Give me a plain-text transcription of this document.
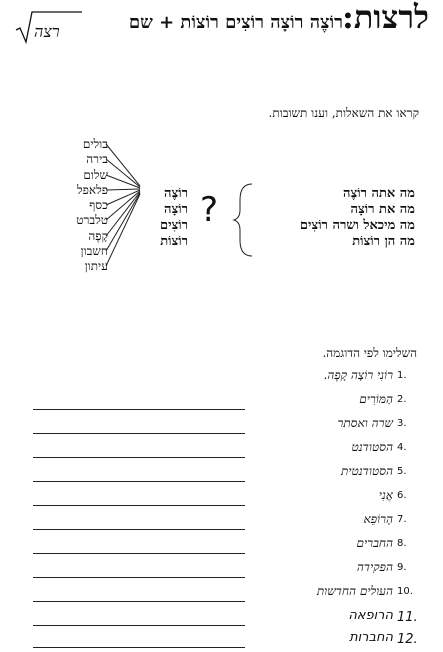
לרצות:
רוֹצֶה רוֹצָה רוֹצִים רוֹצוֹת + שם
רצה
קראו את השאלות, וענו תשובות.
בולים
בירה
שלום
פלאפל
כסף
טלברט
קָפֶה
חשבון
עיתון
רוֹצֶה
רוֹצָה
רוֹצִים
רוֹצוֹת
?	מה אתה רוֹצֶה
מה את רוֹצָה
מה מיכאל ושרה רוֹצִים
מה הן רוֹצוֹת
השלימו לפי הדוגמה.
1.
רוֹנִי רוֹצָה קָפֶה.
2.
הַמּוֹרִים
3.
שרה ואסתר
4.
הסטודנט
5.
הסטודנטית
6.
אֲנִי
7.
הָרוֹפֵא
8.
החברים
9.
הפקידה
10.
העולים החדשות
11.
הרופאה
12.
החברות
